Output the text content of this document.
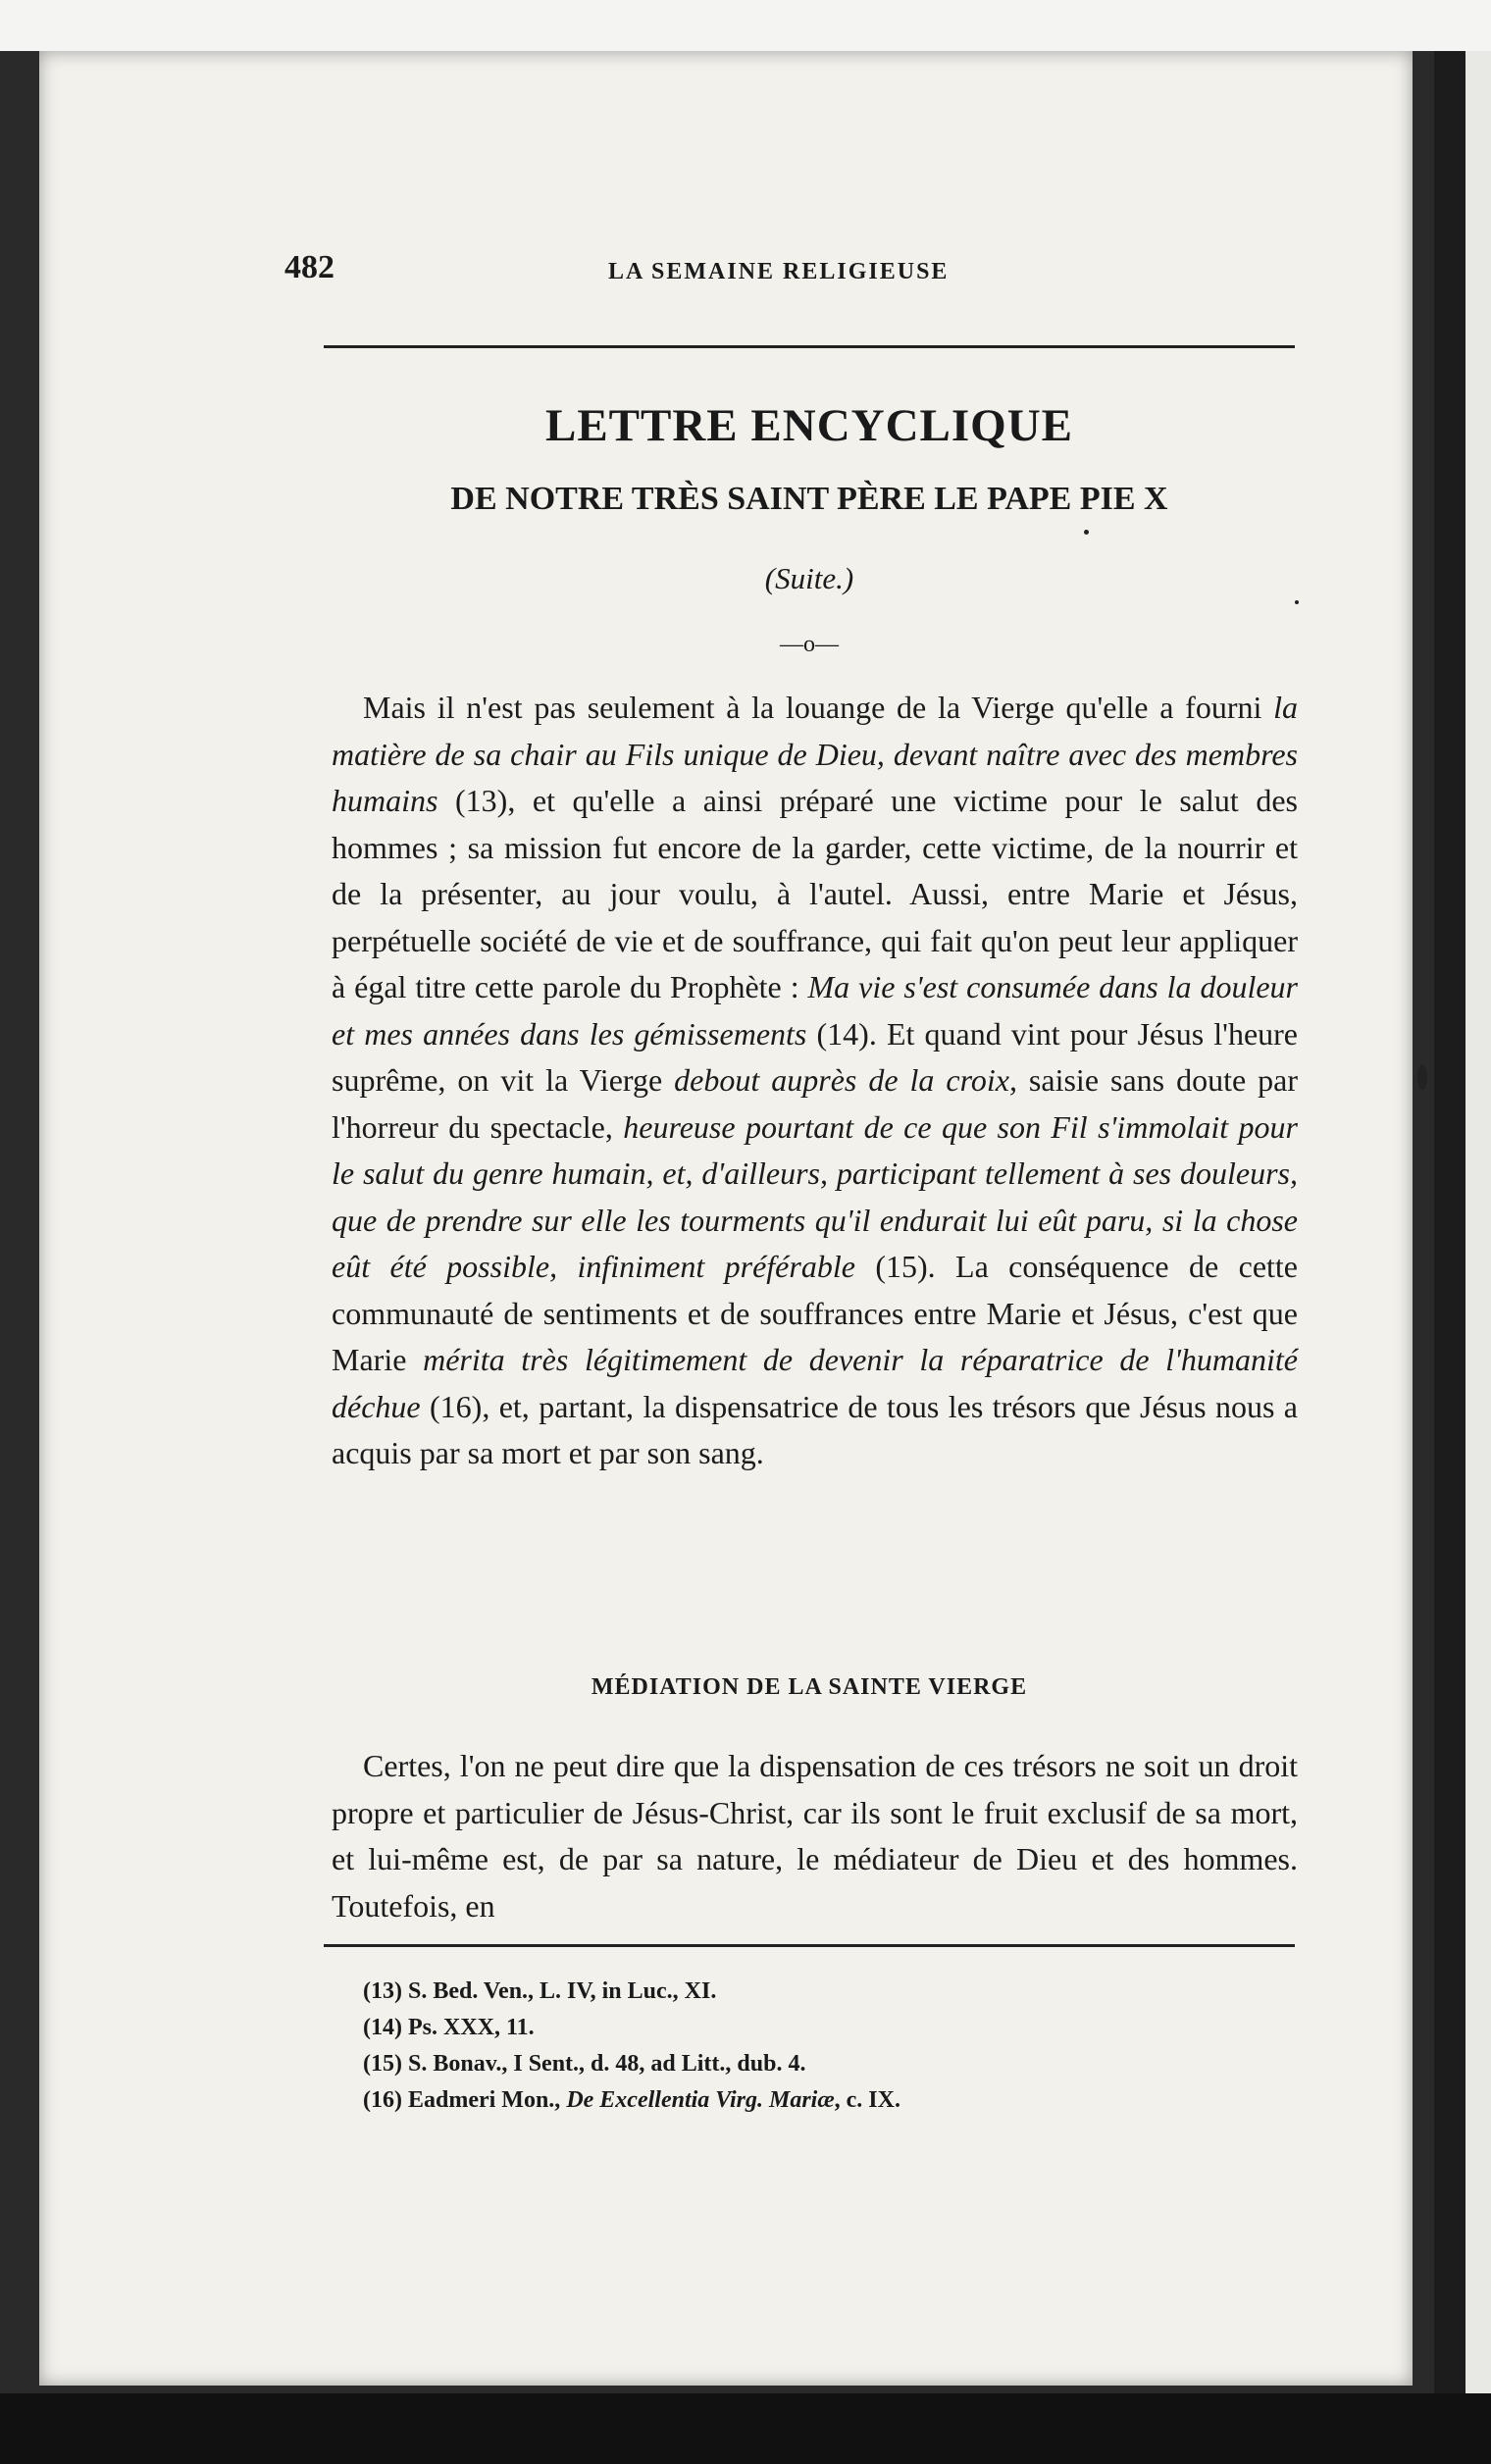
482	LA SEMAINE RELIGIEUSE
LETTRE ENCYCLIQUE
DE NOTRE TRÈS SAINT PÈRE LE PAPE PIE X

(Suite.)

—o—

Mais il n'est pas seulement à la louange de la Vierge qu'elle a fourni la matière de sa chair au Fils unique de Dieu, devant naître avec des membres humains (13), et qu'elle a ainsi préparé une victime pour le salut des hommes ; sa mission fut encore de la garder, cette victime, de la nourrir et de la présenter, au jour voulu, à l'autel. Aussi, entre Marie et Jésus, perpétuelle société de vie et de souffrance, qui fait qu'on peut leur appliquer à égal titre cette parole du Prophète : Ma vie s'est consumée dans la douleur et mes années dans les gémissements (14). Et quand vint pour Jésus l'heure suprême, on vit la Vierge debout auprès de la croix, saisie sans doute par l'horreur du spectacle, heureuse pourtant de ce que son Fil s'immolait pour le salut du genre humain, et, d'ailleurs, participant tellement à ses douleurs, que de prendre sur elle les tourments qu'il endurait lui eût paru, si la chose eût été possible, infiniment préférable (15). La conséquence de cette communauté de sentiments et de souffrances entre Marie et Jésus, c'est que Marie mérita très légitimement de devenir la réparatrice de l'humanité déchue (16), et, partant, la dispensatrice de tous les trésors que Jésus nous a acquis par sa mort et par son sang.

MÉDIATION DE LA SAINTE VIERGE

Certes, l'on ne peut dire que la dispensation de ces trésors ne soit un droit propre et particulier de Jésus-Christ, car ils sont le fruit exclusif de sa mort, et lui-même est, de par sa nature, le médiateur de Dieu et des hommes. Toutefois, en

(13) S. Bed. Ven., L. IV, in Luc., XI.
(14) Ps. XXX, 11.
(15) S. Bonav., I Sent., d. 48, ad Litt., dub. 4.
(16) Eadmeri Mon., De Excellentia Virg. Mariæ, c. IX.
